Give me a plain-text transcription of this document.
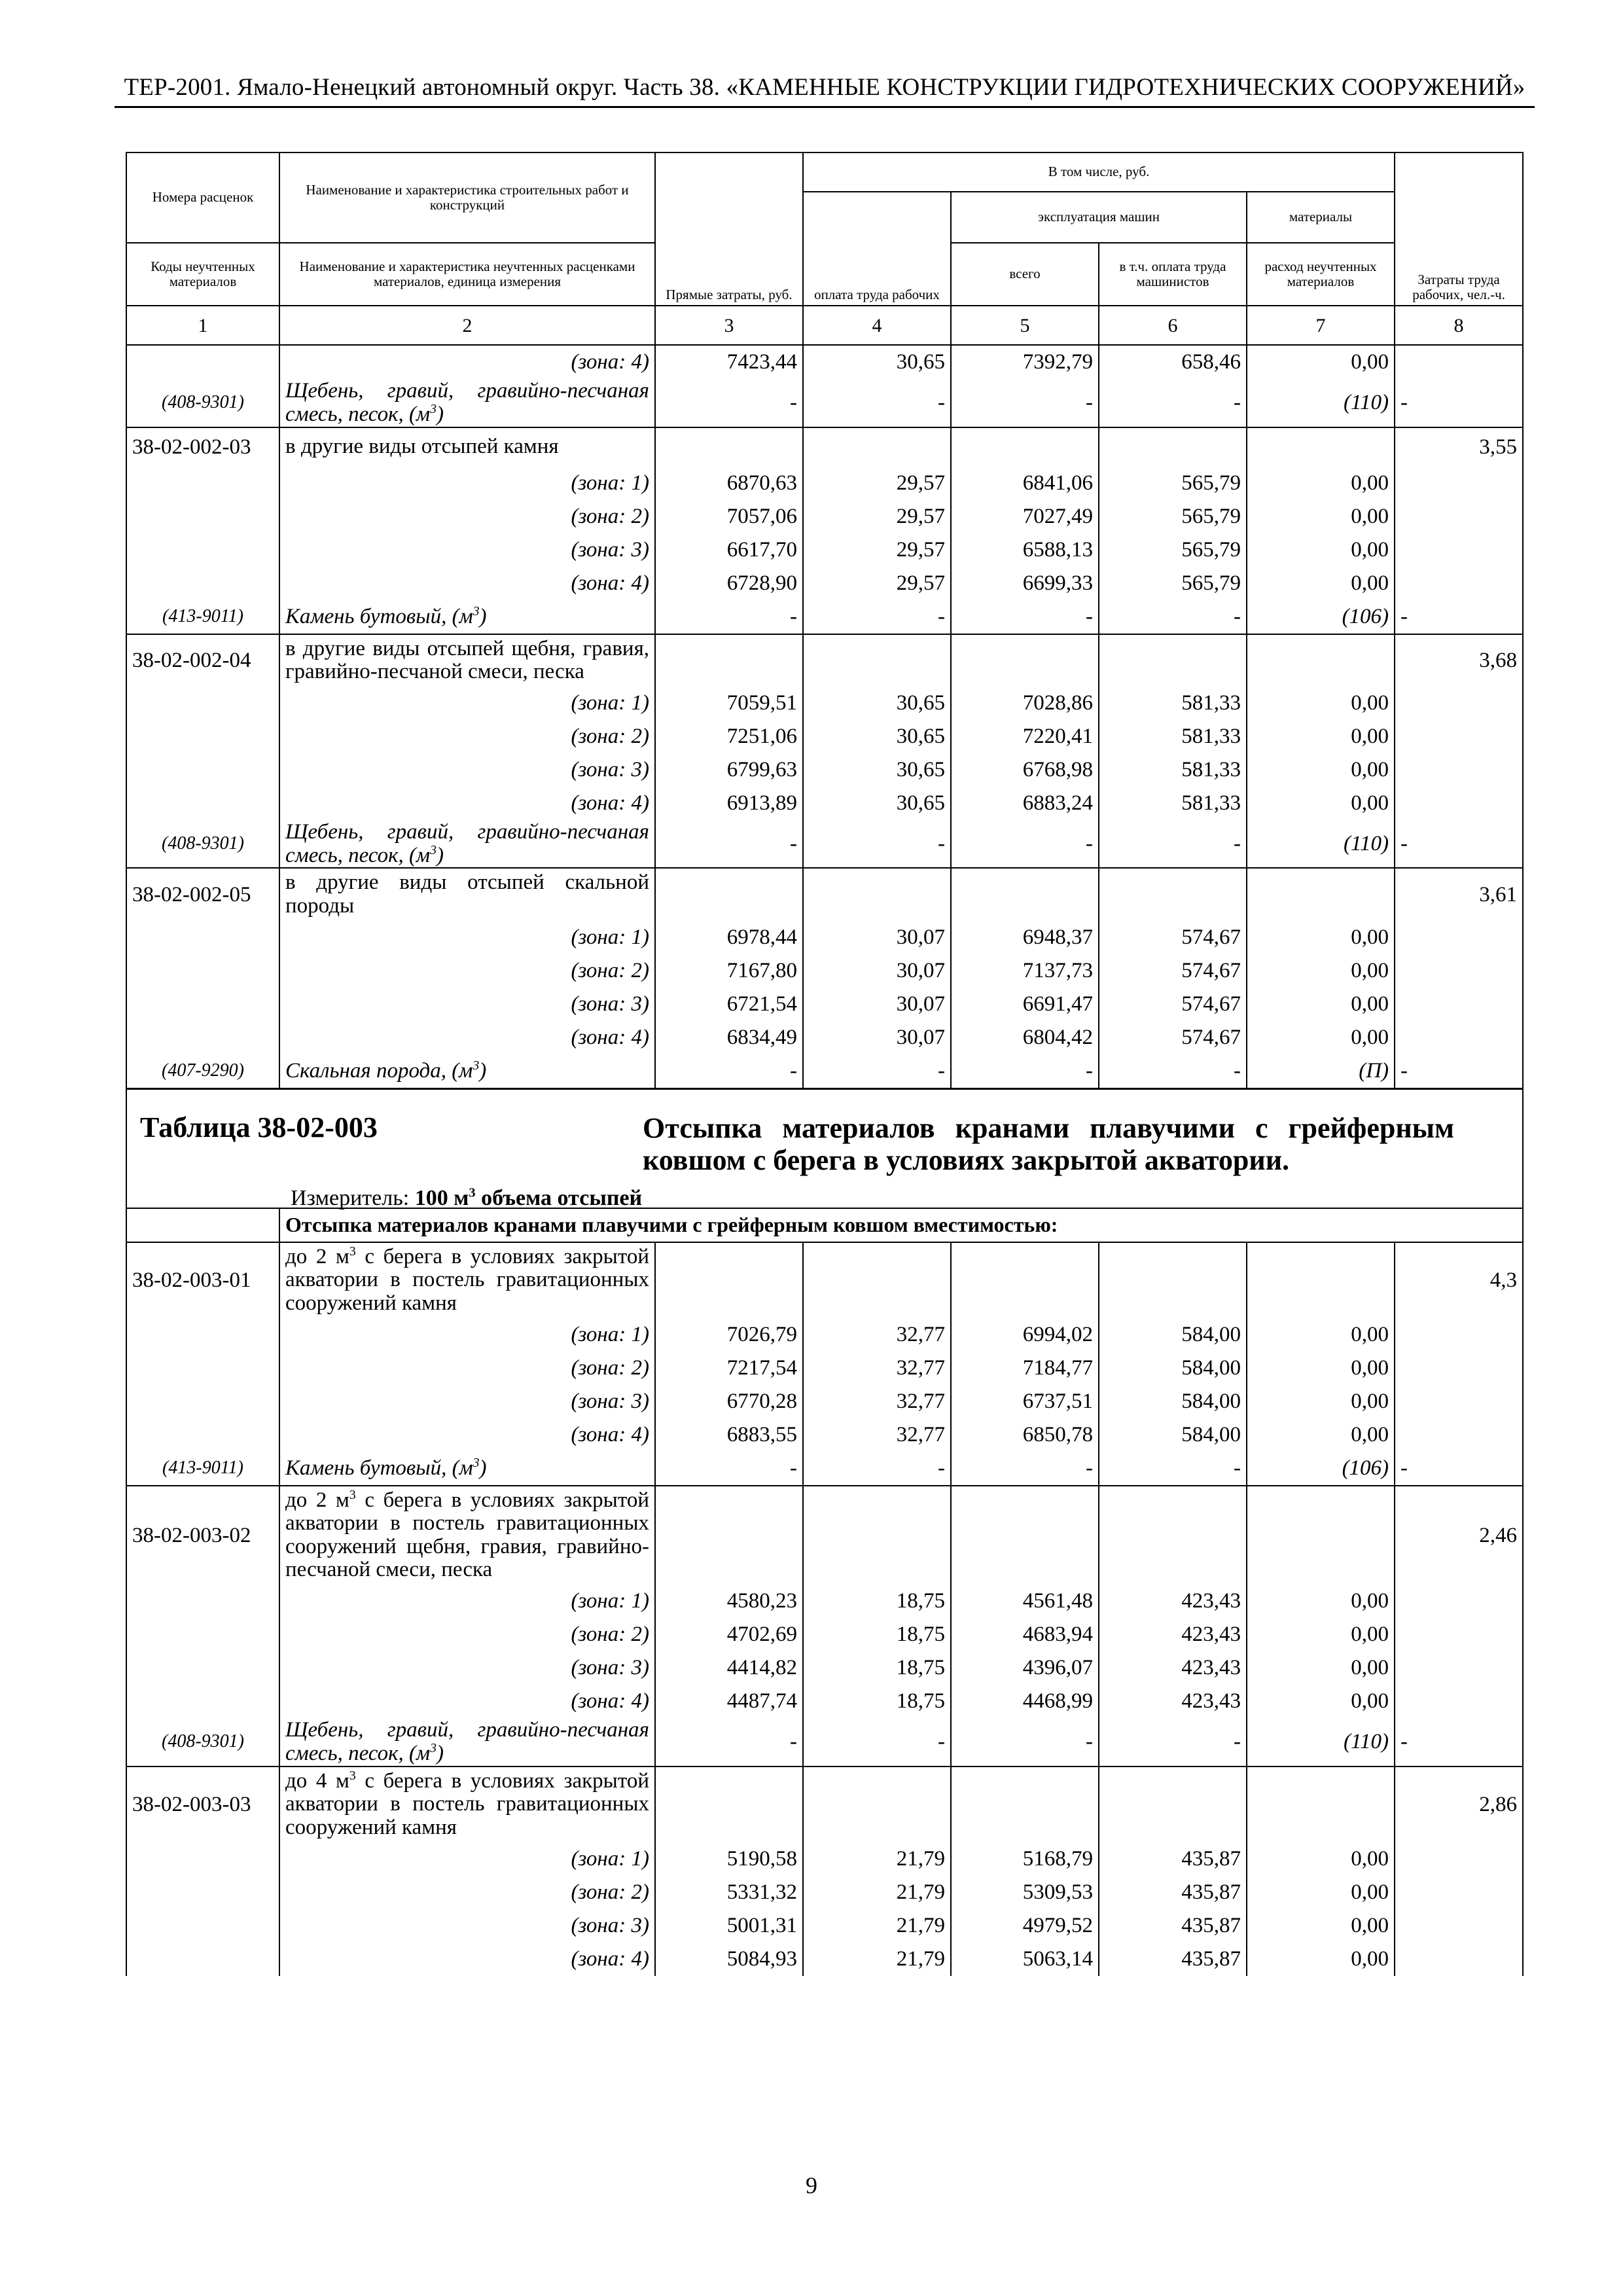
ТЕР-2001. Ямало-Ненецкий автономный округ. Часть 38. «КАМЕННЫЕ КОНСТРУКЦИИ ГИДРОТЕХНИЧЕСКИХ СООРУЖЕНИЙ»
Номера расценок	Наименование и характеристика строительных работ и конструкций	Прямые затраты, руб.	В том числе, руб.				Затраты труда рабочих, чел.-ч.
			оплата труда рабочих	эксплуатация машин		материалы	
Коды неучтенных материалов	Наименование и характеристика неучтенных расценками материалов, единица измерения			всего	в т.ч. оплата труда машинистов	расход неучтенных материалов	
1	2	3	4	5	6	7	8
	(зона: 4)	7423,44	30,65	7392,79	658,46	0,00	
(408-9301)	Щебень, гравий, гравийно-песчаная смесь, песок, $(м^3)$	-	-	-	-	(110)	-
38-02-002-03	в другие виды отсыпей камня						3,55
	(зона: 1)	6870,63	29,57	6841,06	565,79	0,00	
	(зона: 2)	7057,06	29,57	7027,49	565,79	0,00	
	(зона: 3)	6617,70	29,57	6588,13	565,79	0,00	
	(зона: 4)	6728,90	29,57	6699,33	565,79	0,00	
(413-9011)	Камень бутовый, $(м^3)$	-	-	-	-	(106)	-
38-02-002-04	в другие виды отсыпей щебня, гравия, гравийно-песчаной смеси, песка						3,68
	(зона: 1)	7059,51	30,65	7028,86	581,33	0,00	
	(зона: 2)	7251,06	30,65	7220,41	581,33	0,00	
	(зона: 3)	6799,63	30,65	6768,98	581,33	0,00	
	(зона: 4)	6913,89	30,65	6883,24	581,33	0,00	
(408-9301)	Щебень, гравий, гравийно-песчаная смесь, песок, $(м^3)$	-	-	-	-	(110)	-
38-02-002-05	в другие виды отсыпей скальной породы						3,61
	(зона: 1)	6978,44	30,07	6948,37	574,67	0,00	
	(зона: 2)	7167,80	30,07	7137,73	574,67	0,00	
	(зона: 3)	6721,54	30,07	6691,47	574,67	0,00	
	(зона: 4)	6834,49	30,07	6804,42	574,67	0,00	
(407-9290)	Скальная порода, $(м^3)$	-	-	-	-	(П)	-

Таблица 38-02-003 Отсыпка материалов кранами плавучими с грейферным ковшом с берега в условиях закрытой акватории.
Измеритель: 100 $м^3$ объема отсыпей							

	Отсыпка материалов кранами плавучими с грейферным ковшом вместимостью:						
38-02-003-01	до 2 $м^3$ с берега в условиях закрытой акватории в постель гравитационных сооружений камня						4,3
	(зона: 1)	7026,79	32,77	6994,02	584,00	0,00	
	(зона: 2)	7217,54	32,77	7184,77	584,00	0,00	
	(зона: 3)	6770,28	32,77	6737,51	584,00	0,00	
	(зона: 4)	6883,55	32,77	6850,78	584,00	0,00	
(413-9011)	Камень бутовый, $(м^3)$	-	-	-	-	(106)	-
38-02-003-02	до 2 $м^3$ с берега в условиях закрытой акватории в постель гравитационных сооружений щебня, гравия, гравийно-песчаной смеси, песка						2,46
	(зона: 1)	4580,23	18,75	4561,48	423,43	0,00	
	(зона: 2)	4702,69	18,75	4683,94	423,43	0,00	
	(зона: 3)	4414,82	18,75	4396,07	423,43	0,00	
	(зона: 4)	4487,74	18,75	4468,99	423,43	0,00	
(408-9301)	Щебень, гравий, гравийно-песчаная смесь, песок, $(м^3)$	-	-	-	-	(110)	-
38-02-003-03	до 4 $м^3$ с берега в условиях закрытой акватории в постель гравитационных сооружений камня						2,86
	(зона: 1)	5190,58	21,79	5168,79	435,87	0,00	
	(зона: 2)	5331,32	21,79	5309,53	435,87	0,00	
	(зона: 3)	5001,31	21,79	4979,52	435,87	0,00	
	(зона: 4)	5084,93	21,79	5063,14	435,87	0,00	
9
